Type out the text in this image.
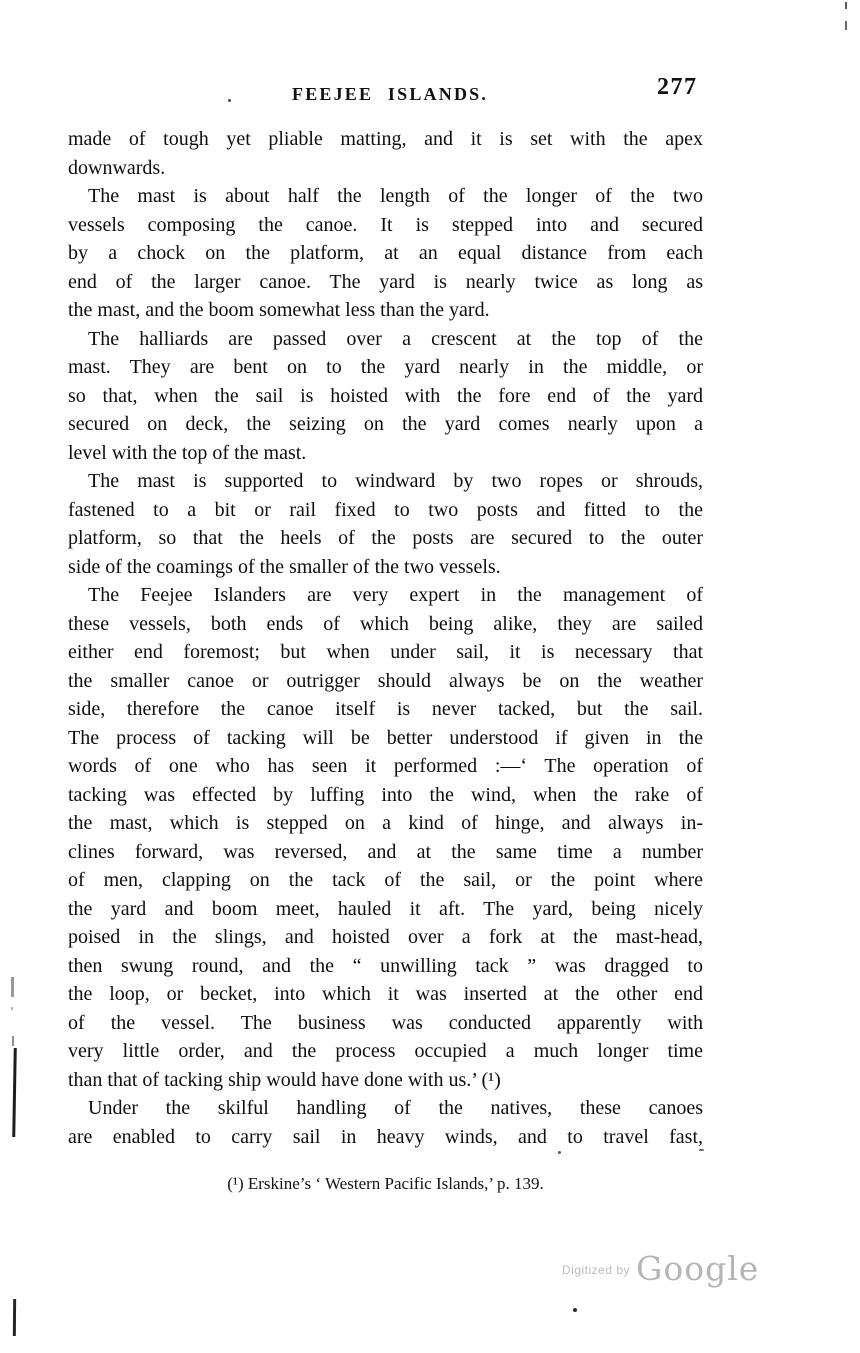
FEEJEE ISLANDS.	277
made of tough yet pliable matting, and it is set with the apex
downwards.
The mast is about half the length of the longer of the two
vessels composing the canoe. It is stepped into and secured
by a chock on the platform, at an equal distance from each
end of the larger canoe. The yard is nearly twice as long as
the mast, and the boom somewhat less than the yard.
The halliards are passed over a crescent at the top of the
mast. They are bent on to the yard nearly in the middle, or
so that, when the sail is hoisted with the fore end of the yard
secured on deck, the seizing on the yard comes nearly upon a
level with the top of the mast.
The mast is supported to windward by two ropes or shrouds,
fastened to a bit or rail fixed to two posts and fitted to the
platform, so that the heels of the posts are secured to the outer
side of the coamings of the smaller of the two vessels.
The Feejee Islanders are very expert in the management of
these vessels, both ends of which being alike, they are sailed
either end foremost; but when under sail, it is necessary that
the smaller canoe or outrigger should always be on the weather
side, therefore the canoe itself is never tacked, but the sail.
The process of tacking will be better understood if given in the
words of one who has seen it performed :—‘ The operation of
tacking was effected by luffing into the wind, when the rake of
the mast, which is stepped on a kind of hinge, and always in-
clines forward, was reversed, and at the same time a number
of men, clapping on the tack of the sail, or the point where
the yard and boom meet, hauled it aft. The yard, being nicely
poised in the slings, and hoisted over a fork at the mast-head,
then swung round, and the “ unwilling tack ” was dragged to
the loop, or becket, into which it was inserted at the other end
of the vessel. The business was conducted apparently with
very little order, and the process occupied a much longer time
than that of tacking ship would have done with us.’ (¹)
Under the skilful handling of the natives, these canoes
are enabled to carry sail in heavy winds, and to travel fast,
(¹) Erskine’s ‘ Western Pacific Islands,’ p. 139.
Digitized by Google
